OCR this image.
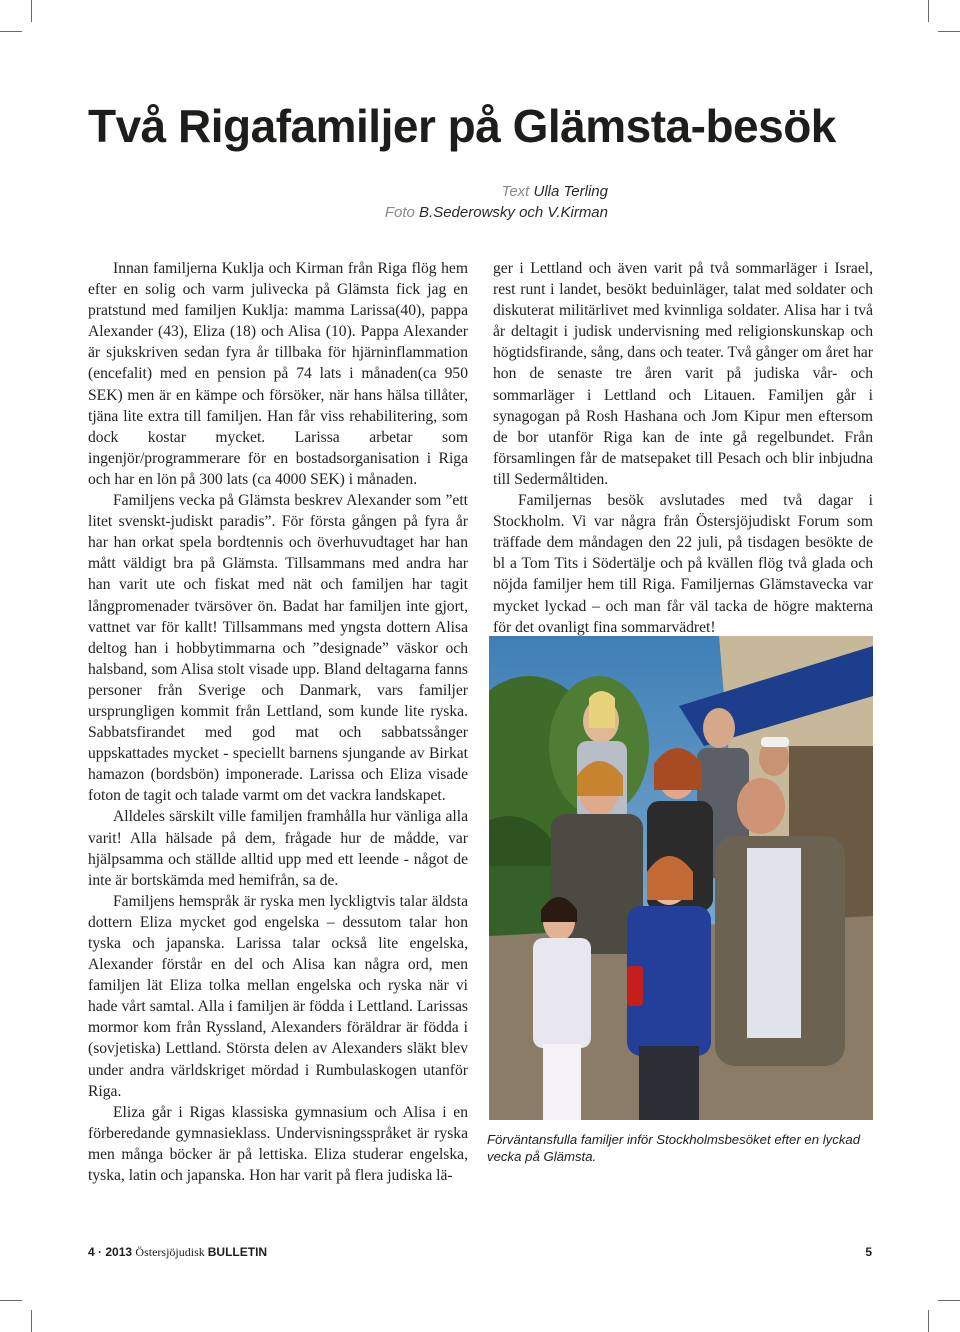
Två Rigafamiljer på Glämsta-besök
Text Ulla Terling
Foto B.Sederowsky och V.Kirman

Innan familjerna Kuklja och Kirman från Riga flög hem efter en solig och varm julivecka på Glämsta fick jag en pratstund med familjen Kuklja: mamma Larissa(40), pappa Alexander (43), Eliza (18) och Alisa (10). Pappa Alexander är sjukskriven sedan fyra år tillbaka för hjärninflammation (encefalit) med en pension på 74 lats i månaden(ca 950 SEK) men är en kämpe och försöker, när hans hälsa tillåter, tjäna lite extra till familjen. Han får viss rehabilitering, som dock kostar mycket. Larissa arbetar som ingenjör/programmerare för en bostadsorganisation i Riga och har en lön på 300 lats (ca 4000 SEK) i månaden.

Familjens vecka på Glämsta beskrev Alexander som ”ett litet svenskt-judiskt paradis”. För första gången på fyra år har han orkat spela bordtennis och överhuvudtaget har han mått väldigt bra på Glämsta. Tillsammans med andra har han varit ute och fiskat med nät och familjen har tagit långpromenader tvärsöver ön. Badat har familjen inte gjort, vattnet var för kallt! Tillsammans med yngsta dottern Alisa deltog han i hobbytimmarna och ”designade” väskor och halsband, som Alisa stolt visade upp. Bland deltagarna fanns personer från Sverige och Danmark, vars familjer ursprungligen kommit från Lettland, som kunde lite ryska. Sabbatsfirandet med god mat och sabbatssånger uppskattades mycket - speciellt barnens sjungande av Birkat hamazon (bordsbön) imponerade. Larissa och Eliza visade foton de tagit och talade varmt om det vackra landskapet.

Alldeles särskilt ville familjen framhålla hur vänliga alla varit! Alla hälsade på dem, frågade hur de mådde, var hjälpsamma och ställde alltid upp med ett leende - något de inte är bortskämda med hemifrån, sa de.

Familjens hemspråk är ryska men lyckligtvis talar äldsta dottern Eliza mycket god engelska – dessutom talar hon tyska och japanska. Larissa talar också lite engelska, Alexander förstår en del och Alisa kan några ord, men familjen lät Eliza tolka mellan engelska och ryska när vi hade vårt samtal. Alla i familjen är födda i Lettland. Larissas mormor kom från Ryssland, Alexanders föräldrar är födda i (sovjetiska) Lettland. Största delen av Alexanders släkt blev under andra världskriget mördad i Rumbulaskogen utanför Riga.

Eliza går i Rigas klassiska gymnasium och Alisa i en förberedande gymnasieklass. Undervisningsspråket är ryska men många böcker är på lettiska. Eliza studerar engelska, tyska, latin och japanska. Hon har varit på flera judiska lä-

ger i Lettland och även varit på två sommarläger i Israel, rest runt i landet, besökt beduinläger, talat med soldater och diskuterat militärlivet med kvinnliga soldater. Alisa har i två år deltagit i judisk undervisning med religionskunskap och högtidsfirande, sång, dans och teater. Två gånger om året har hon de senaste tre åren varit på judiska vår- och sommarläger i Lettland och Litauen. Familjen går i synagogan på Rosh Hashana och Jom Kipur men eftersom de bor utanför Riga kan de inte gå regelbundet. Från församlingen får de matsepaket till Pesach och blir inbjudna till Sedermåltiden.

Familjernas besök avslutades med två dagar i Stockholm. Vi var några från Östersjöjudiskt Forum som träffade dem måndagen den 22 juli, på tisdagen besökte de bl a Tom Tits i Södertälje och på kvällen flög två glada och nöjda familjer hem till Riga. Familjernas Glämstavecka var mycket lyckad – och man får väl tacka de högre makterna för det ovanligt fina sommarvädret!

Förväntansfulla familjer inför Stockholmsbesöket efter en lyckad vecka på Glämsta.
4 · 2013 Östersjöjudisk BULLETIN	5
